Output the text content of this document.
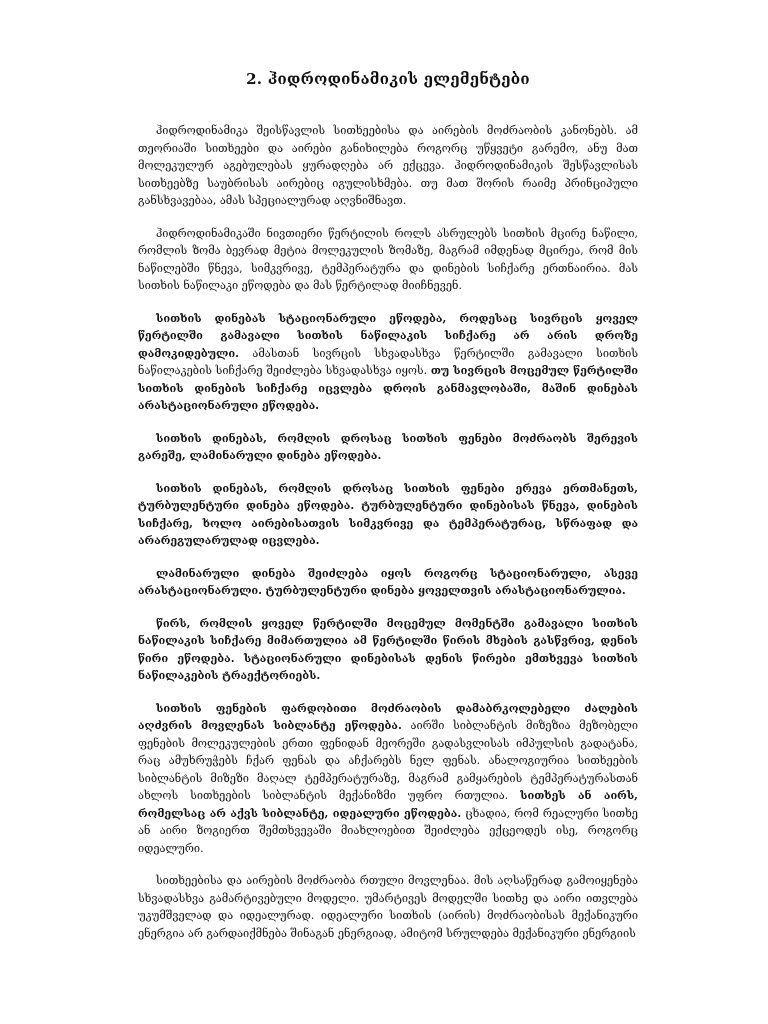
2. ჰიდროდინამიკის ელემენტები

ჰიდროდინამიკა შეისწავლის სითხეებისა და აირების მოძრაობის კანონებს. ამ თეორიაში სითხეები და აირები განიხილება როგორც უწყვეტი გარემო, ანუ მათ მოლეკულურ აგებულებას ყურადღება არ ექცევა. ჰიდროდინამიკის შესწავლისას სითხეებზე საუბრისას აირებიც იგულისხმება. თუ მათ შორის რაიმე პრინციპული განსხვავებაა, ამას სპეციალურად აღვნიშნავთ.

ჰიდროდინამიკაში ნივთიერი წერტილის როლს ასრულებს სითხის მცირე ნაწილი, რომლის ზომა ბევრად მეტია მოლეკულის ზომაზე, მაგრამ იმდენად მცირეა, რომ მის ნაწილებში წნევა, სიმკვრივე, ტემპერატურა და დინების სიჩქარე ერთნაირია. მას სითხის ნაწილაკი ეწოდება და მას წერტილად მიიჩნევენ.

სითხის დინებას სტაციონარული ეწოდება, როდესაც სივრცის ყოველ წერტილში გამავალი სითხის ნაწილაკის სიჩქარე არ არის დროზე დამოკიდებული. ამასთან სივრცის სხვადასხვა წერტილში გამავალი სითხის ნაწილაკების სიჩქარე შეიძლება სხვადასხვა იყოს. თუ სივრცის მოცემულ წერტილში სითხის დინების სიჩქარე იცვლება დროის განმავლობაში, მაშინ დინებას არასტაციონარული ეწოდება.

სითხის დინებას, რომლის დროსაც სითხის ფენები მოძრაობს შერევის გარეშე, ლამინარული დინება ეწოდება.

სითხის დინებას, რომლის დროსაც სითხის ფენები ერევა ერთმანეთს, ტურბულენტური დინება ეწოდება. ტურბულენტური დინებისას წნევა, დინების სიჩქარე, ხოლო აირებისათვის სიმკვრივე და ტემპერატურაც, სწრაფად და არარეგულარულად იცვლება.

ლამინარული დინება შეიძლება იყოს როგორც სტაციონარული, ასევე არასტაციონარული. ტურბულენტური დინება ყოველთვის არასტაციონარულია.

წირს, რომლის ყოველ წერტილში მოცემულ მომენტში გამავალი სითხის ნაწილაკის სიჩქარე მიმართულია ამ წერტილში წირის მხების გასწვრივ, დენის წირი ეწოდება. სტაციონარული დინებისას დენის წირები ემთხვევა სითხის ნაწილაკების ტრაექტორიებს.

სითხის ფენების ფარდობითი მოძრაობის დამაბრკოლებელი ძალების აღძვრის მოვლენას სიბლანტე ეწოდება. აირში სიბლანტის მიზეზია მეზობელი ფენების მოლეკულების ერთი ფენიდან მეორეში გადასვლისას იმპულსის გადატანა, რაც ამუხრუჭებს ჩქარ ფენას და აჩქარებს ნელ ფენას. ანალოგიურია სითხეების სიბლანტის მიზეზი მაღალ ტემპერატურაზე, მაგრამ გამყარების ტემპერატურასთან ახლოს სითხეების სიბლანტის მექანიზმი უფრო რთულია. სითხეს ან აირს, რომელსაც არ აქვს სიბლანტე, იდეალური ეწოდება. ცხადია, რომ რეალური სითხე ან აირი ზოგიერთ შემთხვევაში მიახლოებით შეიძლება ექცეოდეს ისე, როგორც იდეალური.

სითხეებისა და აირების მოძრაობა რთული მოვლენაა. მის აღსაწერად გამოიყენება სხვადასხვა გამარტივებული მოდელი. უმარტივეს მოდელში სითხე და აირი ითვლება უკუმშველად და იდეალურად. იდეალური სითხის (აირის) მოძრაობისას მექანიკური ენერგია არ გარდაიქმნება შინაგან ენერგიად, ამიტომ სრულდება მექანიკური ენერგიის
